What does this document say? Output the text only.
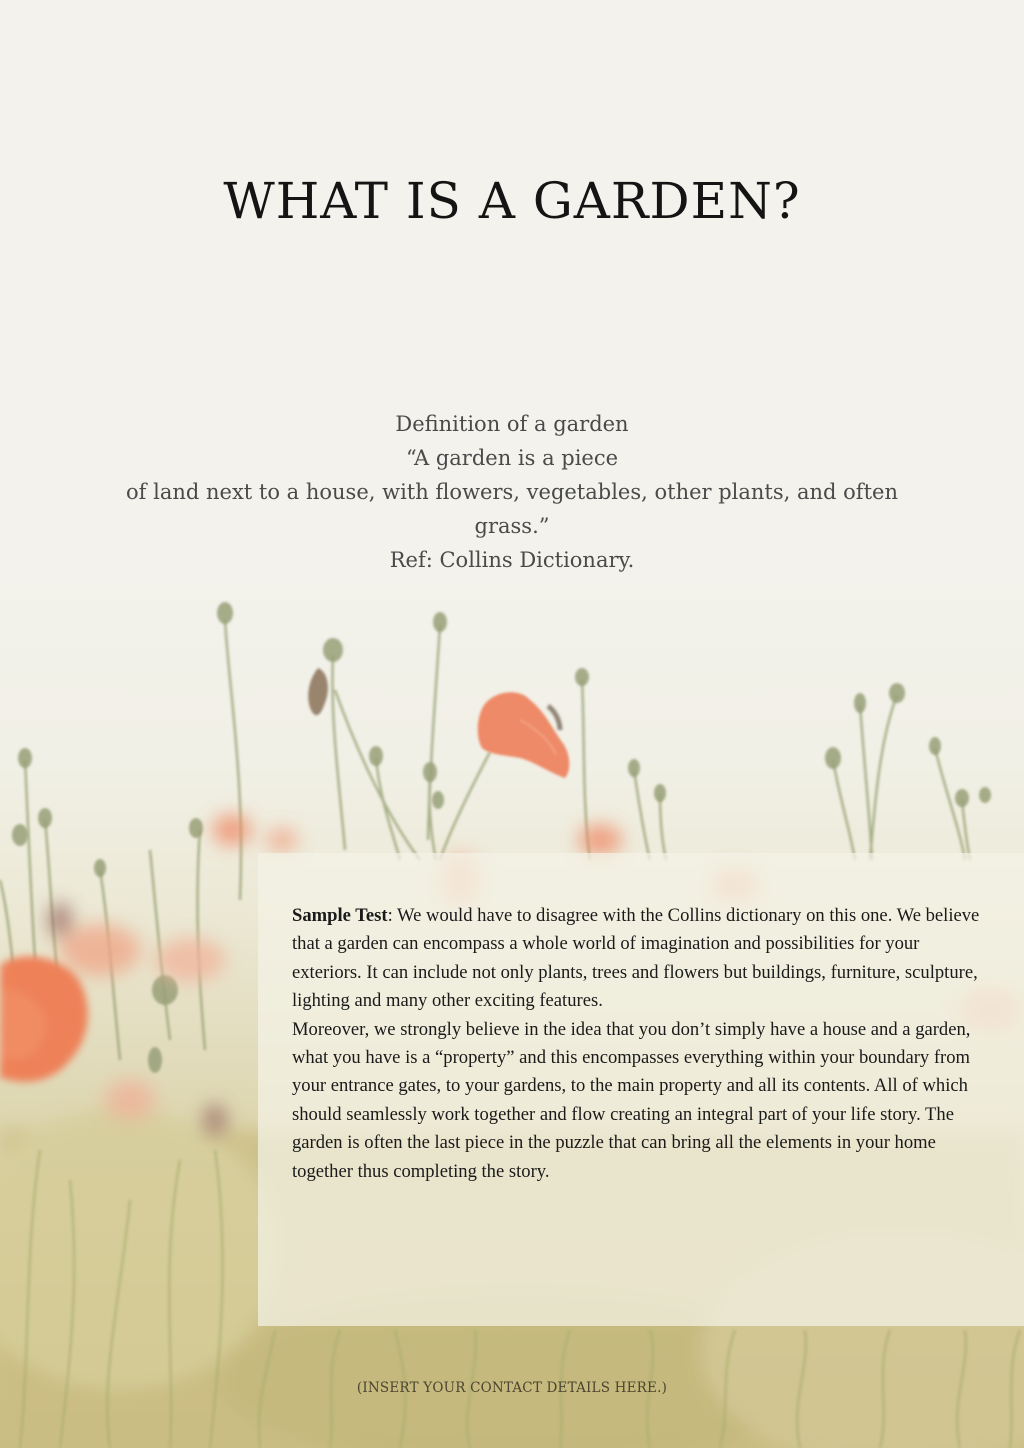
WHAT IS A GARDEN?
Definition of a garden
“A garden is a piece
of land next to a house, with flowers, vegetables, other plants, and often
grass.”
Ref: Collins Dictionary.

Sample Test: We would have to disagree with the Collins dictionary on this one. We believe that a garden can encompass a whole world of imagination and possibilities for your exteriors. It can include not only plants, trees and flowers but buildings, furniture, sculpture, lighting and many other exciting features.

Moreover, we strongly believe in the idea that you don’t simply have a house and a garden, what you have is a “property” and this encompasses everything within your boundary from your entrance gates, to your gardens, to the main property and all its contents. All of which should seamlessly work together and flow creating an integral part of your life story. The garden is often the last piece in the puzzle that can bring all the elements in your home together thus completing the story.

(INSERT YOUR CONTACT DETAILS HERE.)
